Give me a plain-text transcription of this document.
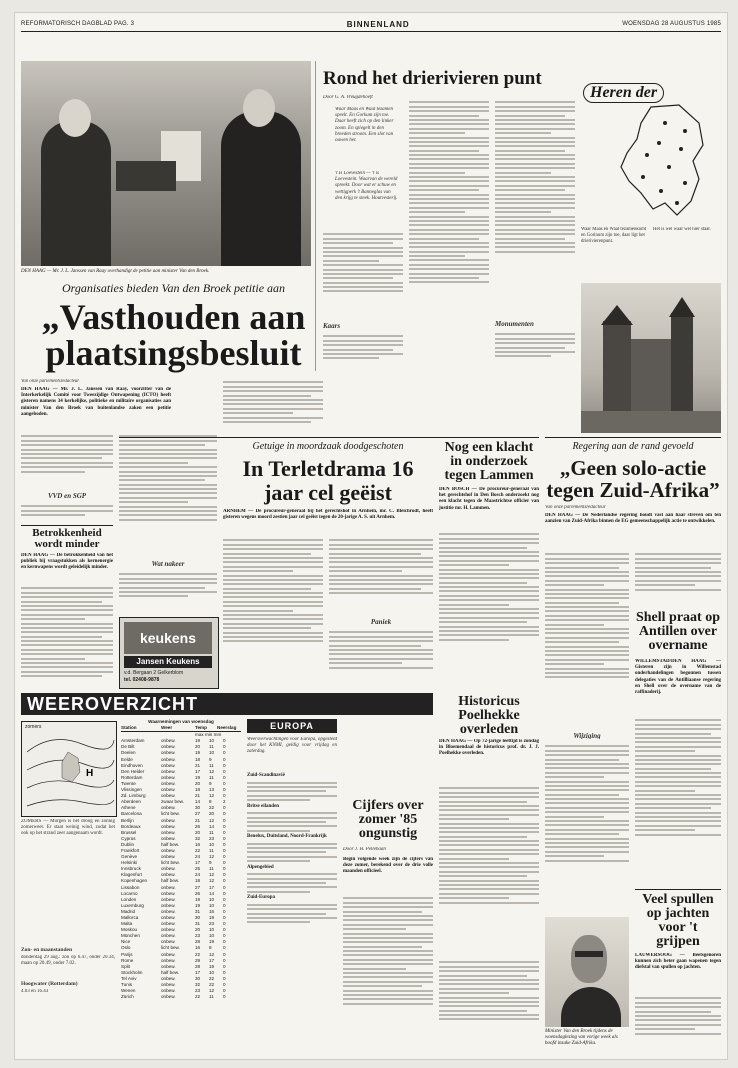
REFORMATORISCH DAGBLAD PAG. 3	BINNENLAND	WOENSDAG 28 AUGUSTUS 1985
DEN HAAG — Mr. J. L. Janssen van Raay overhandigt de petitie aan minister Van den Broek.
Organisaties bieden Van den Broek petitie aan
„Vasthouden aan plaatsingsbesluit
Van onze parlementsredacteur
DEN HAAG — Mr. J. L. Janssen van Raay, voorzitter van de Interkerkelijk Comité voor Tweezijdige Ontwapening (ICTO) heeft gisteren namens 34 kerkelijke, politieke en militaire organisaties aan minister Van den Broek van buitenlandse zaken een petitie aangeboden.
VVD en SGP
Betrokkenheid wordt minder
DEN HAAG — De betrokkenheid van het publiek bij vraagstukken als kernenergie en kernwapens wordt geleidelijk minder.	Wat nakeer
Rond het drierivieren punt
Door G. A. Vreugdehoeft
Waar Maas en Waal tezamen speelt. En Gorkum zijn toe. Daar heeft zich op den linker zoom. En spiegelt in den breeden stroom. Een slot van ouwen her.
't Is Loevestein — 't is Loevestein. Waarvan de wereld spreekt. Door wat er schuw en wettigperk 't Banneglas van den krijg te steek. Houtvesterij.
Kaars	Monumenten
Heren der
Waar Maas en Waal tezamenkomt en Gorinum zijn toe, daar ligt het drierivierenpunt.
Het is wel waar wel hier staat.
Getuige in moordzaak doodgeschoten
In Terletdrama 16 jaar cel geëist
ARNHEM — De procureur-generaal bij het gerechtshof in Arnhem, mr. C. Bleichrodt, heeft gisteren wegens moord zestien jaar cel geëist tegen de 20-jarige A. S. uit Arnhem.
Paniek
keukens
Jansen Keukens
v.d. Bergaan 2 Gelkerblom
tel. 02408-9878
Nog een klacht in onderzoek tegen Lammen
DEN BOSCH — De procureur-generaal van het gerechtshof in Den Bosch onderzoekt nog een klacht tegen de Maastrichtse officier van justitie mr. H. Lammen.
Regering aan de rand gevoeld
„Geen solo-actie tegen Zuid-Afrika”
Van onze parlementsredacteur
DEN HAAG — De Nederlandse regering houdt vast aan haar streven om ten aanzien van Zuid-Afrika binnen de EG gemeenschappelijk actie te ontwikkelen.
Wijziging
Shell praat op Antillen over overname
WILLEMSTAD/DEN HAAG — Gisteren zijn in Willemstad onderhandelingen begonnen tussen delegaties van de Antilliaanse regering en Shell over de overname van de raffinaderij.
Veel spullen op jachten voor 't grijpen
LAUWERSOOG — Beetsgenoren kunnen zich beter gaan wapenen tegen diefstal van spullen op jachten.
Minister Van den Broek tijdens de woensdaglezing van vorige week als hoofd inzake Zuid-Afrika.
Historicus Poelhekke overleden
DEN HAAG — Op 72-jarige leeftijd is zondag in Bloemendaal de historicus prof. dr. J. J. Poelhekke overleden.
Cijfers over zomer '85 ongunstig
Door J. H. Pellebaan
Begin volgende week zijn de cijfers van deze zomer, berekend over de drie volle maanden officieel.
WEEROVERZICHT
zomers
H
ZOMERS — Morgen is het droog en zonnig zomerweer. Er staat weinig wind, zodat het ook op het strand zeer aangenaam wordt.
Zon- en maanstanden
donderdag 29 aug.: zon op 6.47, onder 20.34, maan op 20.49, onder 7.02.
Hoogwater (Rotterdam)
4.03 en 16.43
Waarnemingen van woensdag
Station	Weer	Temp	Neerslag
max min mm
Amsterdam	onbew.	19	10	0
De Bilt	onbew.	20	11	0
Deelen	onbew.	19	10	0
Eelde	onbew.	18	9	0
Eindhoven	onbew.	21	11	0
Den Helder	onbew.	17	12	0
Rotterdam	onbew.	19	11	0
Twente	onbew.	20	9	0
Vlissingen	onbew.	18	13	0
Zd. Limburg	onbew.	21	12	0
Aberdeen	zwaar bew.	14	8	2
Athene	onbew.	30	22	0
Barcelona	licht bew.	27	20	0
Berlijn	onbew.	21	12	0
Bordeaux	onbew.	26	14	0
Brussel	onbew.	20	11	0
Cyprus	onbew.	32	23	0
Dublin	half bew.	16	10	0
Frankfort	onbew.	22	11	0
Genève	onbew.	24	12	0
Helsinki	licht bew.	17	9	0
Innsbruck	onbew.	25	11	0
Klagenfurt	onbew.	24	12	0
Kopenhagen	half bew.	18	12	0
Lissabon	onbew.	27	17	0
Locarno	onbew.	26	14	0
Londen	onbew.	19	10	0
Luxemburg	onbew.	19	10	0
Madrid	onbew.	31	16	0
Mallorca	onbew.	30	19	0
Malta	onbew.	31	23	0
Moskou	onbew.	20	10	0
München	onbew.	23	10	0
Nice	onbew.	28	19	0
Oslo	licht bew.	16	8	0
Parijs	onbew.	22	12	0
Rome	onbew.	29	17	0
Split	onbew.	28	19	0
Stockholm	half bew.	17	10	0
Tel Aviv	onbew.	30	22	0
Tunis	onbew.	32	22	0
Wenen	onbew.	23	12	0
Zürich	onbew.	22	11	0
EUROPA
Weersverwachtingen voor Europa, opgesteld door het KNMI, geldig voor vrijdag en zaterdag.
Zuid-Scandinavië
Britse eilanden
Benelux, Duitsland, Noord-Frankrijk
Alpengebied
Zuid-Europa
